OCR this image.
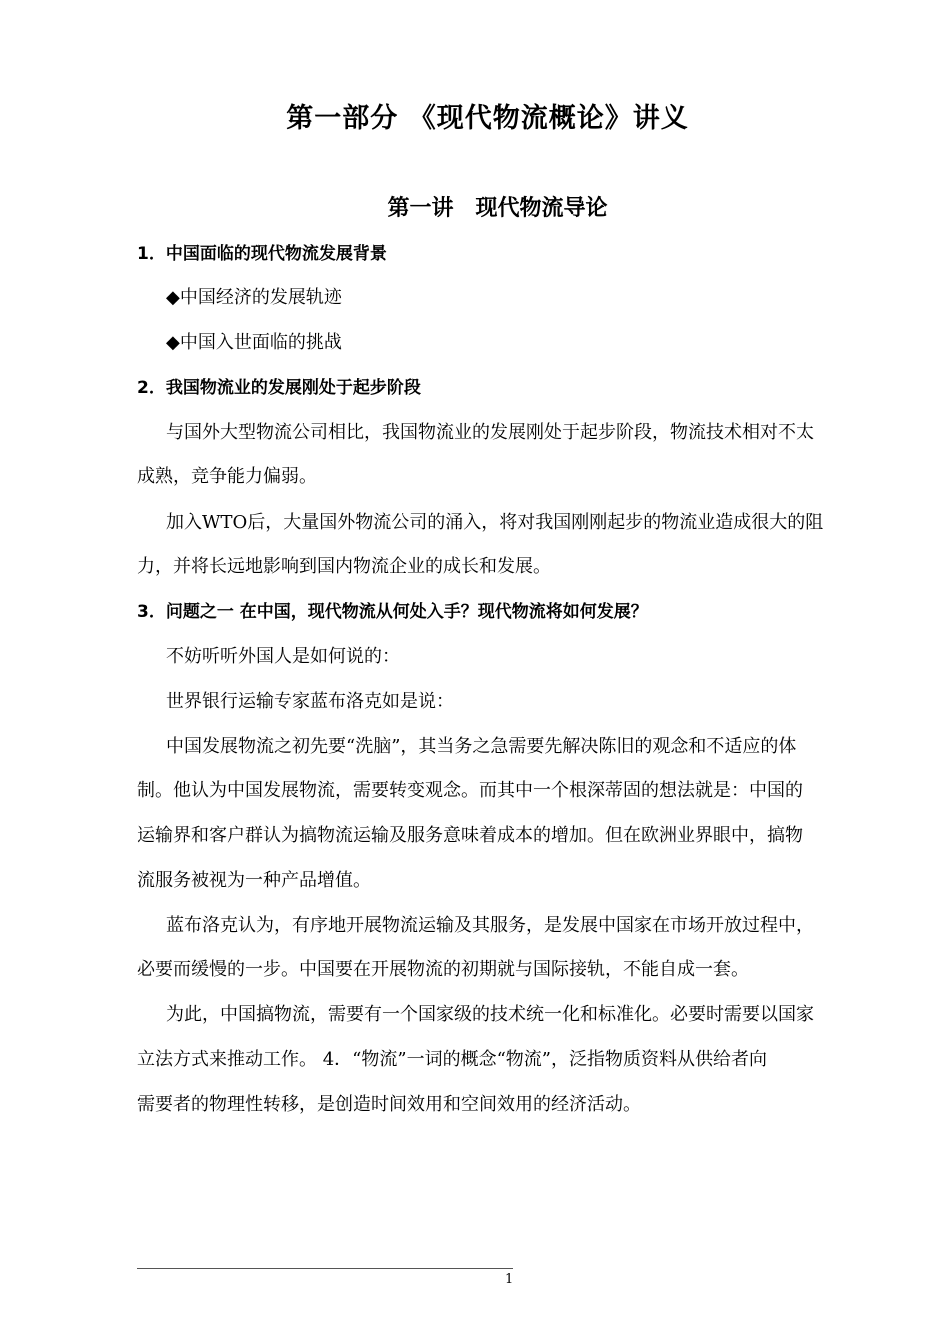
第一部分 《现代物流概论》讲义
第一讲 现代物流导论
1．中国面临的现代物流发展背景
◆中国经济的发展轨迹
◆中国入世面临的挑战
2．我国物流业的发展刚处于起步阶段
与国外大型物流公司相比，我国物流业的发展刚处于起步阶段，物流技术相对不太
成熟，竞争能力偏弱。
加入WTO后，大量国外物流公司的涌入，将对我国刚刚起步的物流业造成很大的阻
力，并将长远地影响到国内物流企业的成长和发展。
3．问题之一 在中国，现代物流从何处入手？现代物流将如何发展？
不妨听听外国人是如何说的：
世界银行运输专家蓝布洛克如是说：
中国发展物流之初先要“洗脑”，其当务之急需要先解决陈旧的观念和不适应的体
制。他认为中国发展物流，需要转变观念。而其中一个根深蒂固的想法就是：中国的
运输界和客户群认为搞物流运输及服务意味着成本的增加。但在欧洲业界眼中，搞物
流服务被视为一种产品增值。
蓝布洛克认为，有序地开展物流运输及其服务，是发展中国家在市场开放过程中，
必要而缓慢的一步。中国要在开展物流的初期就与国际接轨，不能自成一套。
为此，中国搞物流，需要有一个国家级的技术统一化和标准化。必要时需要以国家
立法方式来推动工作。 4．“物流”一词的概念“物流”，泛指物质资料从供给者向
需要者的物理性转移，是创造时间效用和空间效用的经济活动。
1
